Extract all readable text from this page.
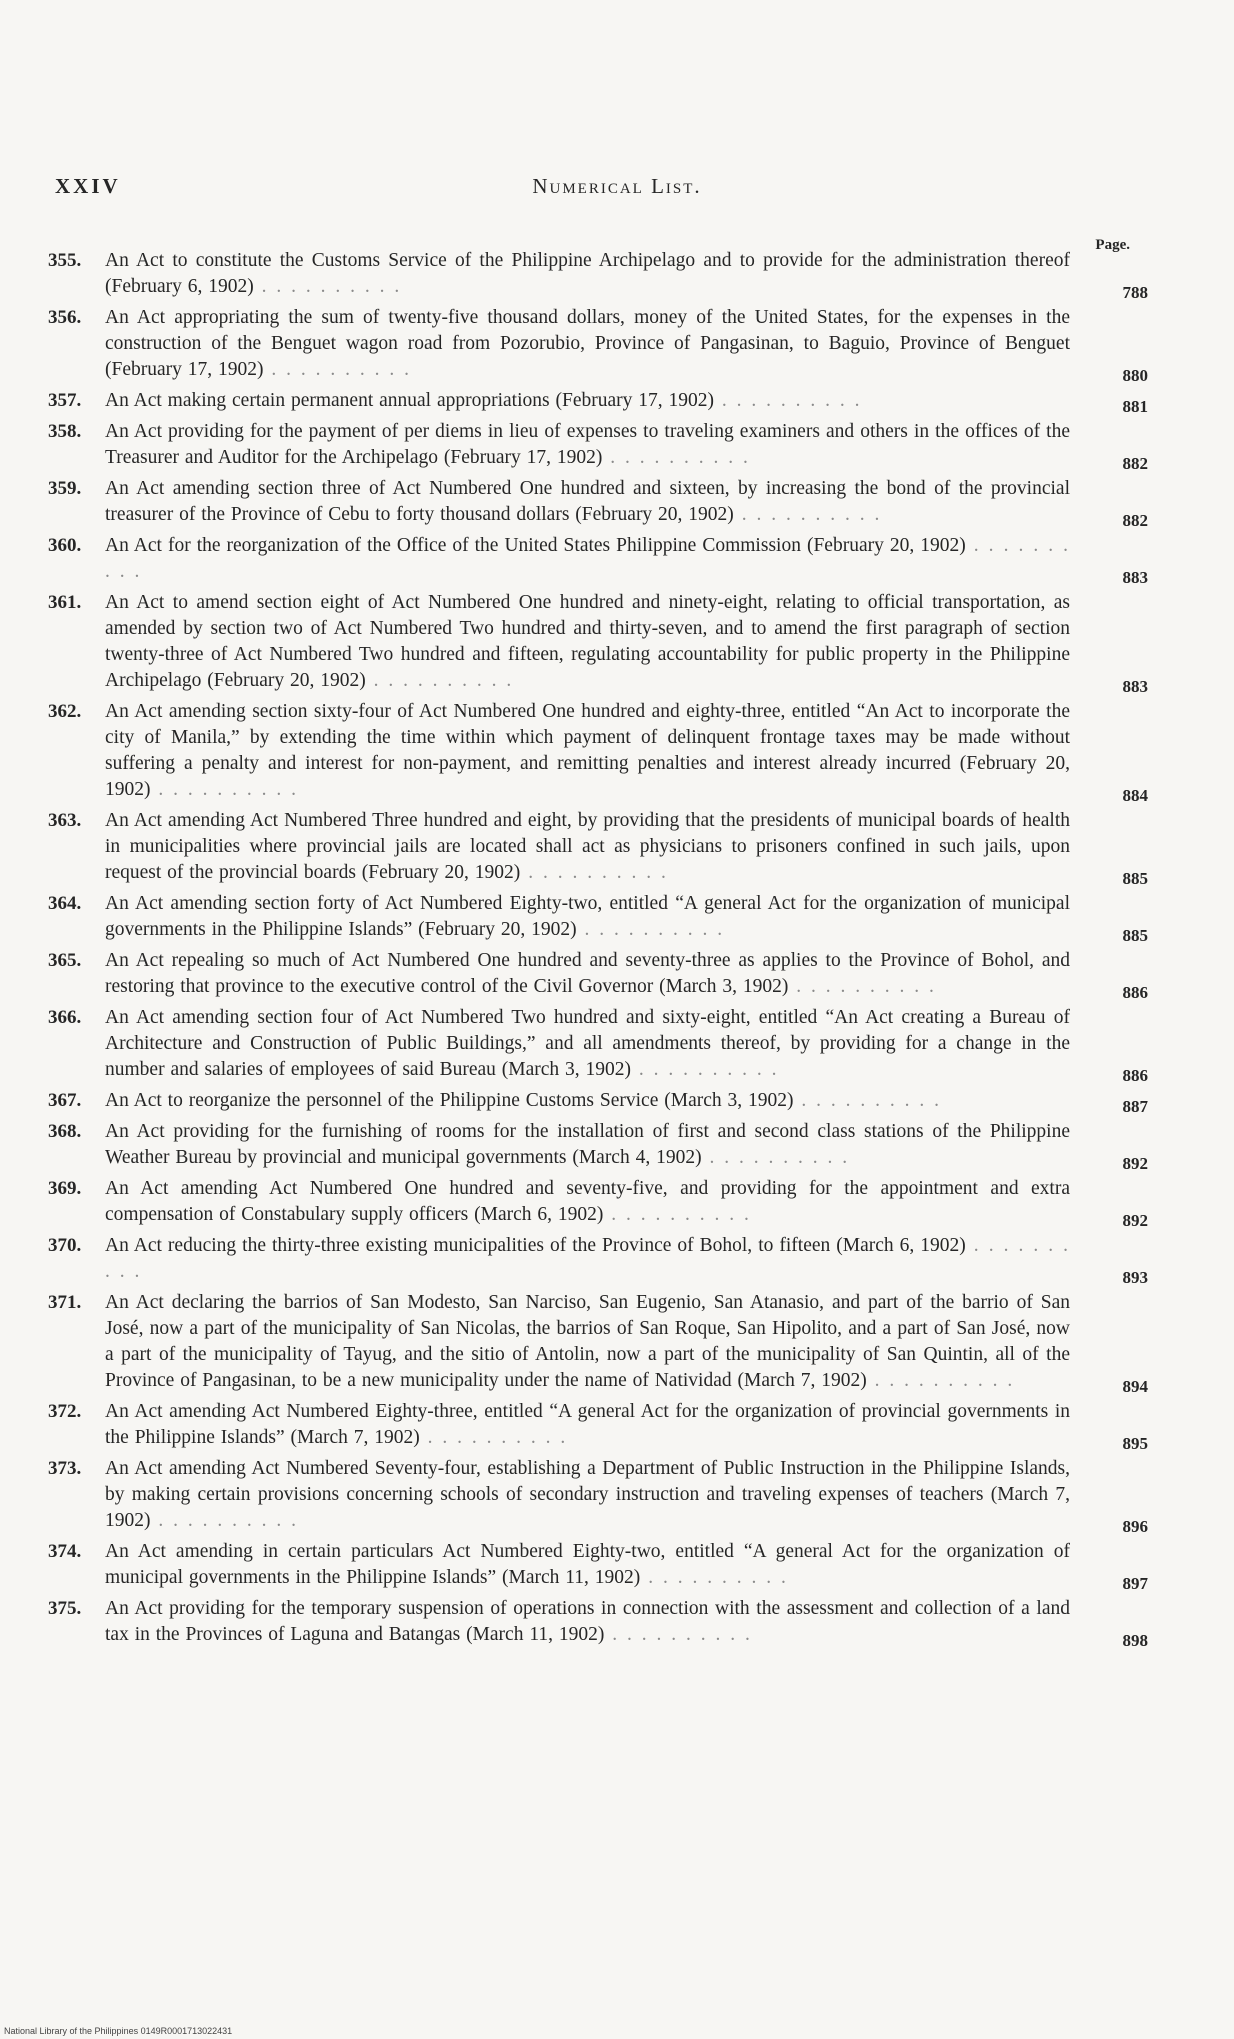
XXIV	Numerical List.
Page.
355. An Act to constitute the Customs Service of the Philippine Archipelago and to provide for the administration thereof (February 6, 1902) . . . . . . . . . .	788
356. An Act appropriating the sum of twenty-five thousand dollars, money of the United States, for the expenses in the construction of the Benguet wagon road from Pozorubio, Province of Pangasinan, to Baguio, Province of Benguet (February 17, 1902) . . . . . . . . . .	880
357. An Act making certain permanent annual appropriations (February 17, 1902) . . . . . . . . . .	881
358. An Act providing for the payment of per diems in lieu of expenses to traveling examiners and others in the offices of the Treasurer and Auditor for the Archipelago (February 17, 1902) . . . . . . . . . .	882
359. An Act amending section three of Act Numbered One hundred and sixteen, by increasing the bond of the provincial treasurer of the Province of Cebu to forty thousand dollars (February 20, 1902) . . . . . . . . . .	882
360. An Act for the reorganization of the Office of the United States Philippine Commission (February 20, 1902) . . . . . . . . . .	883
361. An Act to amend section eight of Act Numbered One hundred and ninety-eight, relating to official transportation, as amended by section two of Act Numbered Two hundred and thirty-seven, and to amend the first paragraph of section twenty-three of Act Numbered Two hundred and fifteen, regulating accountability for public property in the Philippine Archipelago (February 20, 1902) . . . . . . . . . .	883
362. An Act amending section sixty-four of Act Numbered One hundred and eighty-three, entitled “An Act to incorporate the city of Manila,” by extending the time within which payment of delinquent frontage taxes may be made without suffering a penalty and interest for non-payment, and remitting penalties and interest already incurred (February 20, 1902) . . . . . . . . . .	884
363. An Act amending Act Numbered Three hundred and eight, by providing that the presidents of municipal boards of health in municipalities where provincial jails are located shall act as physicians to prisoners confined in such jails, upon request of the provincial boards (February 20, 1902) . . . . . . . . . .	885
364. An Act amending section forty of Act Numbered Eighty-two, entitled “A general Act for the organization of municipal governments in the Philippine Islands” (February 20, 1902) . . . . . . . . . .	885
365. An Act repealing so much of Act Numbered One hundred and seventy-three as applies to the Province of Bohol, and restoring that province to the executive control of the Civil Governor (March 3, 1902) . . . . . . . . . .	886
366. An Act amending section four of Act Numbered Two hundred and sixty-eight, entitled “An Act creating a Bureau of Architecture and Construction of Public Buildings,” and all amendments thereof, by providing for a change in the number and salaries of employees of said Bureau (March 3, 1902) . . . . . . . . . .	886
367. An Act to reorganize the personnel of the Philippine Customs Service (March 3, 1902) . . . . . . . . . .	887
368. An Act providing for the furnishing of rooms for the installation of first and second class stations of the Philippine Weather Bureau by provincial and municipal governments (March 4, 1902) . . . . . . . . . .	892
369. An Act amending Act Numbered One hundred and seventy-five, and providing for the appointment and extra compensation of Constabulary supply officers (March 6, 1902) . . . . . . . . . .	892
370. An Act reducing the thirty-three existing municipalities of the Province of Bohol, to fifteen (March 6, 1902) . . . . . . . . . .	893
371. An Act declaring the barrios of San Modesto, San Narciso, San Eugenio, San Atanasio, and part of the barrio of San José, now a part of the municipality of San Nicolas, the barrios of San Roque, San Hipolito, and a part of San José, now a part of the municipality of Tayug, and the sitio of Antolin, now a part of the municipality of San Quintin, all of the Province of Pangasinan, to be a new municipality under the name of Natividad (March 7, 1902) . . . . . . . . . .	894
372. An Act amending Act Numbered Eighty-three, entitled “A general Act for the organization of provincial governments in the Philippine Islands” (March 7, 1902) . . . . . . . . . .	895
373. An Act amending Act Numbered Seventy-four, establishing a Department of Public Instruction in the Philippine Islands, by making certain provisions concerning schools of secondary instruction and traveling expenses of teachers (March 7, 1902) . . . . . . . . . .	896
374. An Act amending in certain particulars Act Numbered Eighty-two, entitled “A general Act for the organization of municipal governments in the Philippine Islands” (March 11, 1902) . . . . . . . . . .	897
375. An Act providing for the temporary suspension of operations in connection with the assessment and collection of a land tax in the Provinces of Laguna and Batangas (March 11, 1902) . . . . . . . . . .	898
National Library of the Philippines 0149R0001713022431
